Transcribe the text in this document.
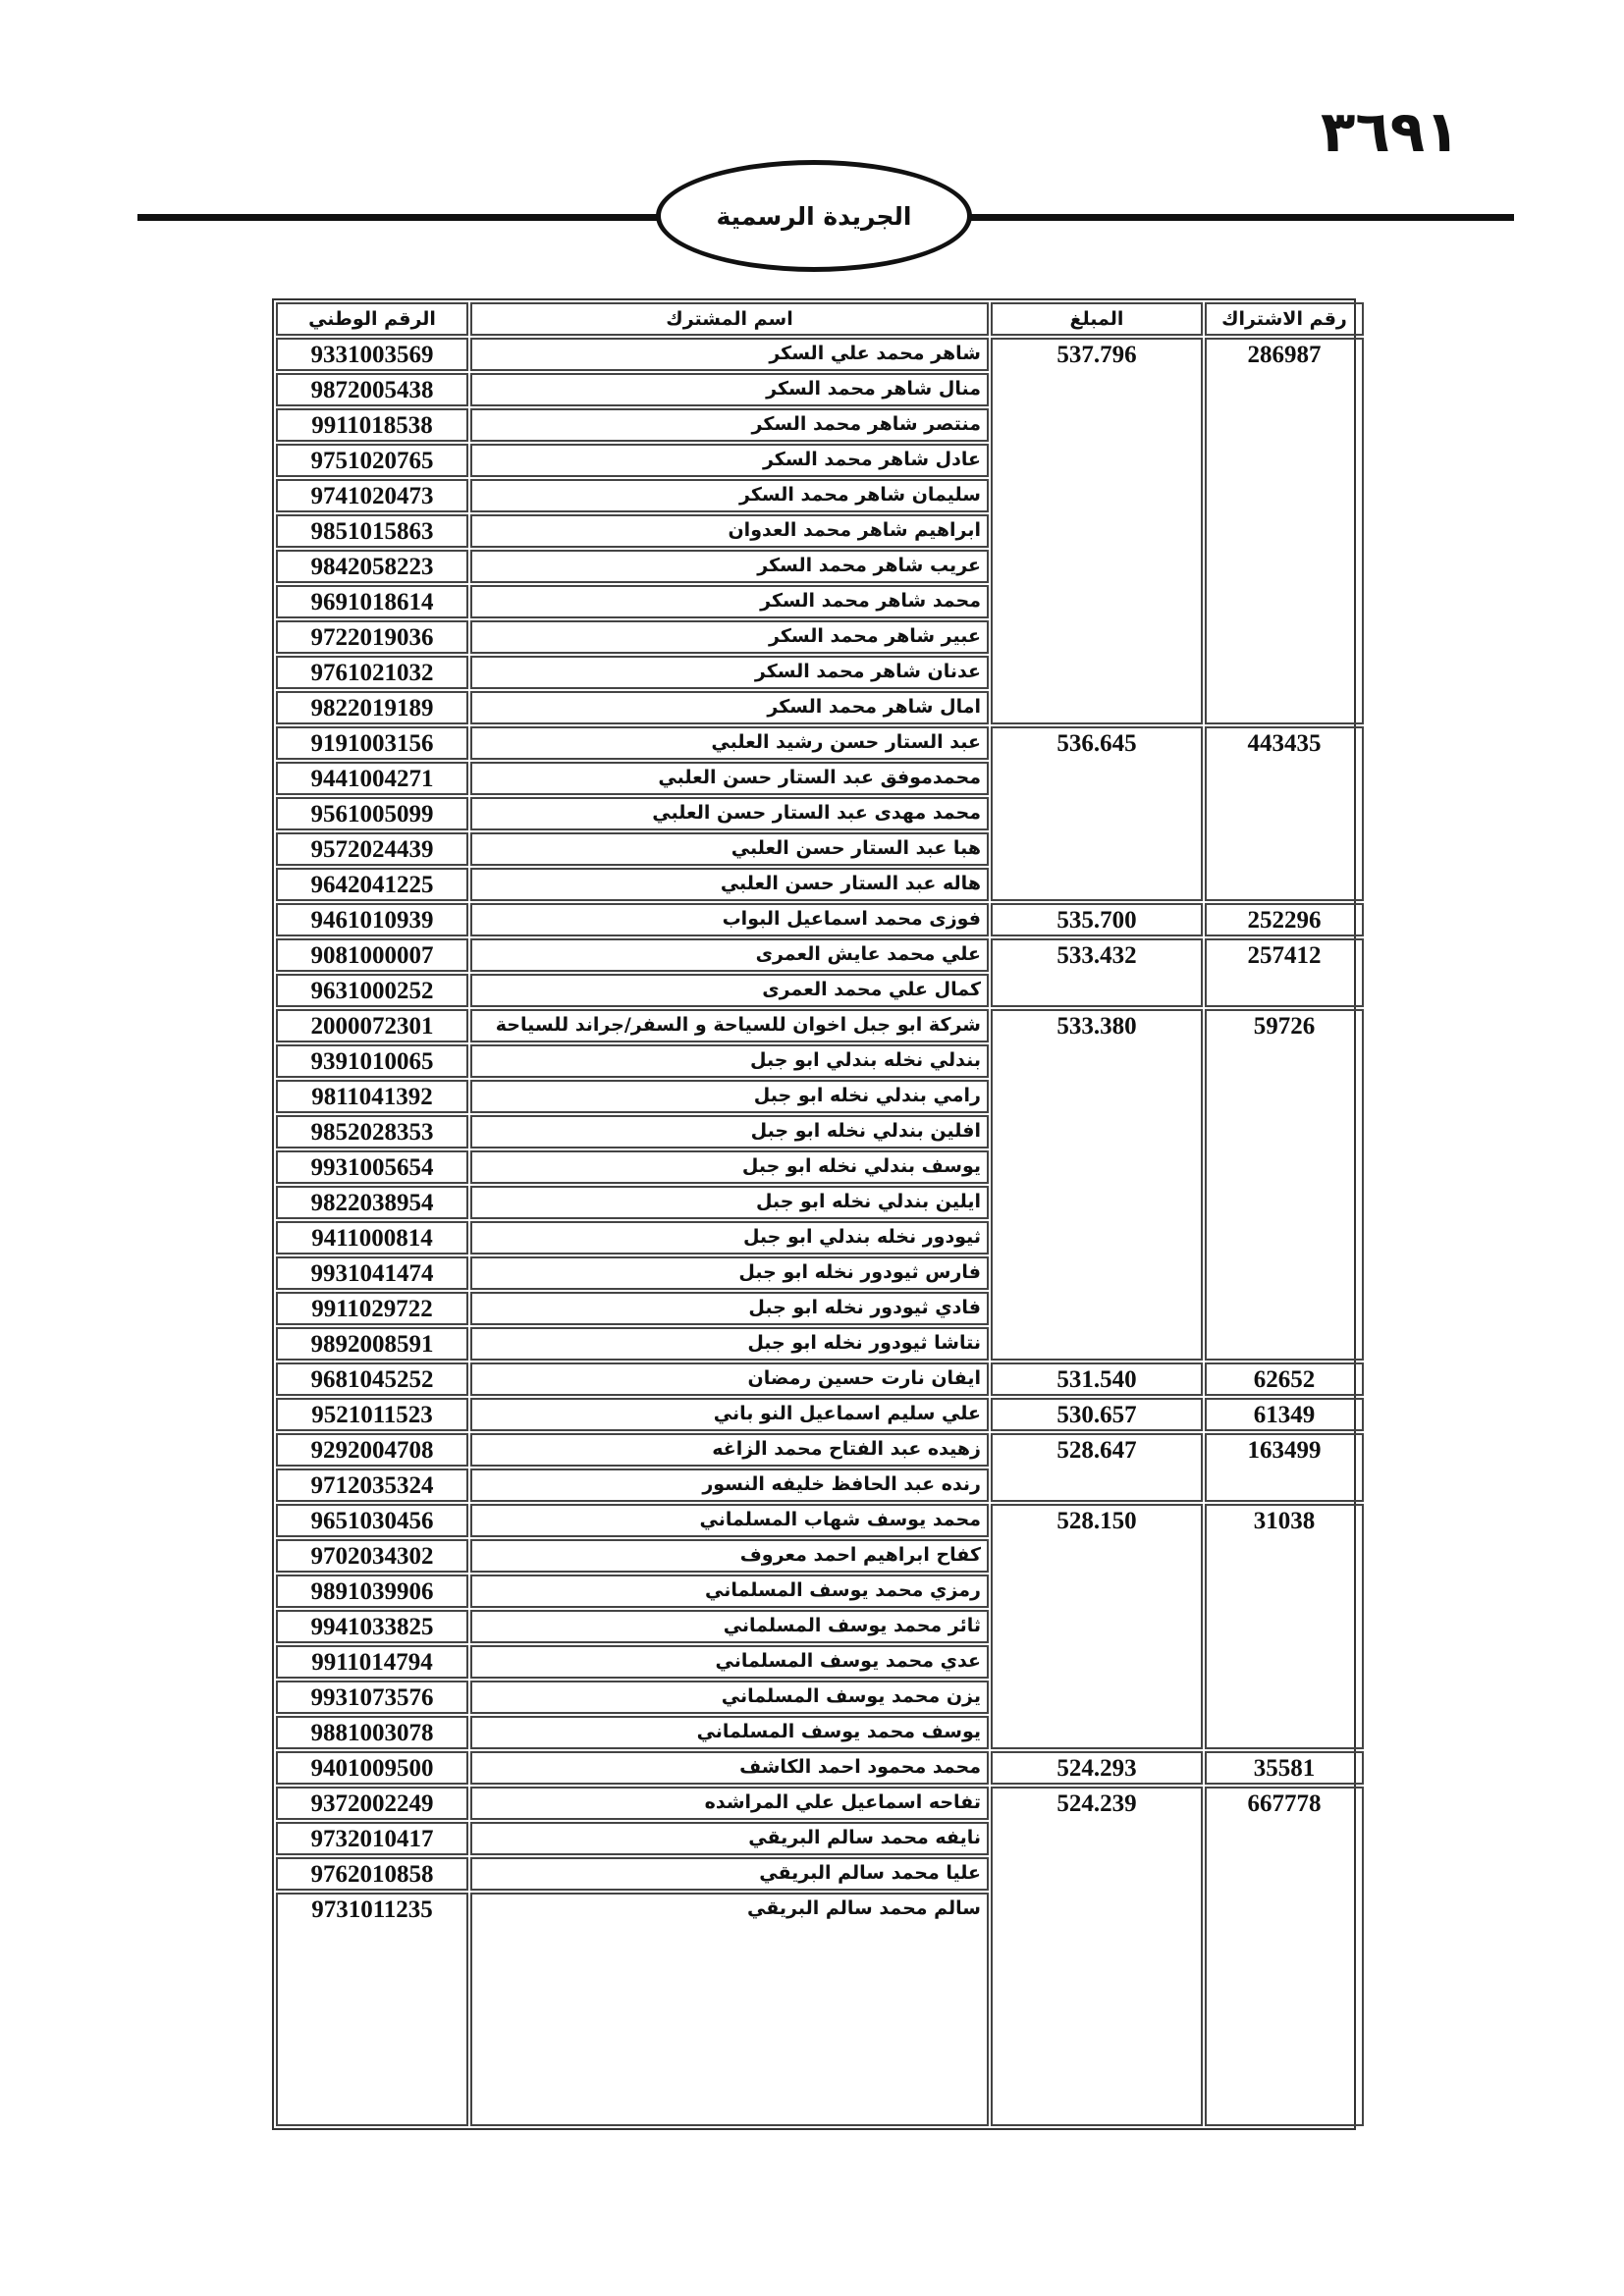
٣٦٩١
الجريدة الرسمية
رقم الاشتراك	المبلغ	اسم المشترك	الرقم الوطني
286987	537.796	شاهر محمد علي السكر	9331003569
		منال شاهر محمد السكر	9872005438
		منتصر شاهر محمد السكر	9911018538
		عادل شاهر محمد السكر	9751020765
		سليمان شاهر محمد السكر	9741020473
		ابراهيم شاهر محمد العدوان	9851015863
		عريب شاهر محمد السكر	9842058223
		محمد شاهر محمد السكر	9691018614
		عبير شاهر محمد السكر	9722019036
		عدنان شاهر محمد السكر	9761021032
		امال شاهر محمد السكر	9822019189
443435	536.645	عبد الستار حسن رشيد العلبي	9191003156
		محمدموفق عبد الستار حسن العلبي	9441004271
		محمد مهدى عبد الستار حسن العلبي	9561005099
		هبا عبد الستار حسن العلبي	9572024439
		هاله عبد الستار حسن العلبي	9642041225
252296	535.700	فوزى محمد اسماعيل البواب	9461010939
257412	533.432	علي محمد عايش العمرى	9081000007
		كمال علي محمد العمرى	9631000252
59726	533.380	شركة ابو جبل اخوان للسياحة و السفر/جراند للسياحة	2000072301
		بندلي نخله بندلي ابو جبل	9391010065
		رامي بندلي نخله ابو جبل	9811041392
		افلين بندلي نخله ابو جبل	9852028353
		يوسف بندلي نخله ابو جبل	9931005654
		ايلين بندلي نخله ابو جبل	9822038954
		ثيودور نخله بندلي ابو جبل	9411000814
		فارس ثيودور نخله ابو جبل	9931041474
		فادي ثيودور نخله ابو جبل	9911029722
		نتاشا ثيودور نخله ابو جبل	9892008591
62652	531.540	ايفان نارت حسين رمضان	9681045252
61349	530.657	علي سليم اسماعيل النو باني	9521011523
163499	528.647	زهيده عبد الفتاح محمد الزاغه	9292004708
		رنده عبد الحافظ خليفه النسور	9712035324
31038	528.150	محمد يوسف شهاب المسلماني	9651030456
		كفاح ابراهيم احمد معروف	9702034302
		رمزي محمد يوسف المسلماني	9891039906
		ثائر محمد يوسف المسلماني	9941033825
		عدي محمد يوسف المسلماني	9911014794
		يزن محمد يوسف المسلماني	9931073576
		يوسف محمد يوسف المسلماني	9881003078
35581	524.293	محمد محمود احمد الكاشف	9401009500
667778	524.239	تفاحه اسماعيل علي المراشده	9372002249
		نايفه محمد سالم البريقي	9732010417
		عليا محمد سالم البريقي	9762010858
		سالم محمد سالم البريقي	9731011235
